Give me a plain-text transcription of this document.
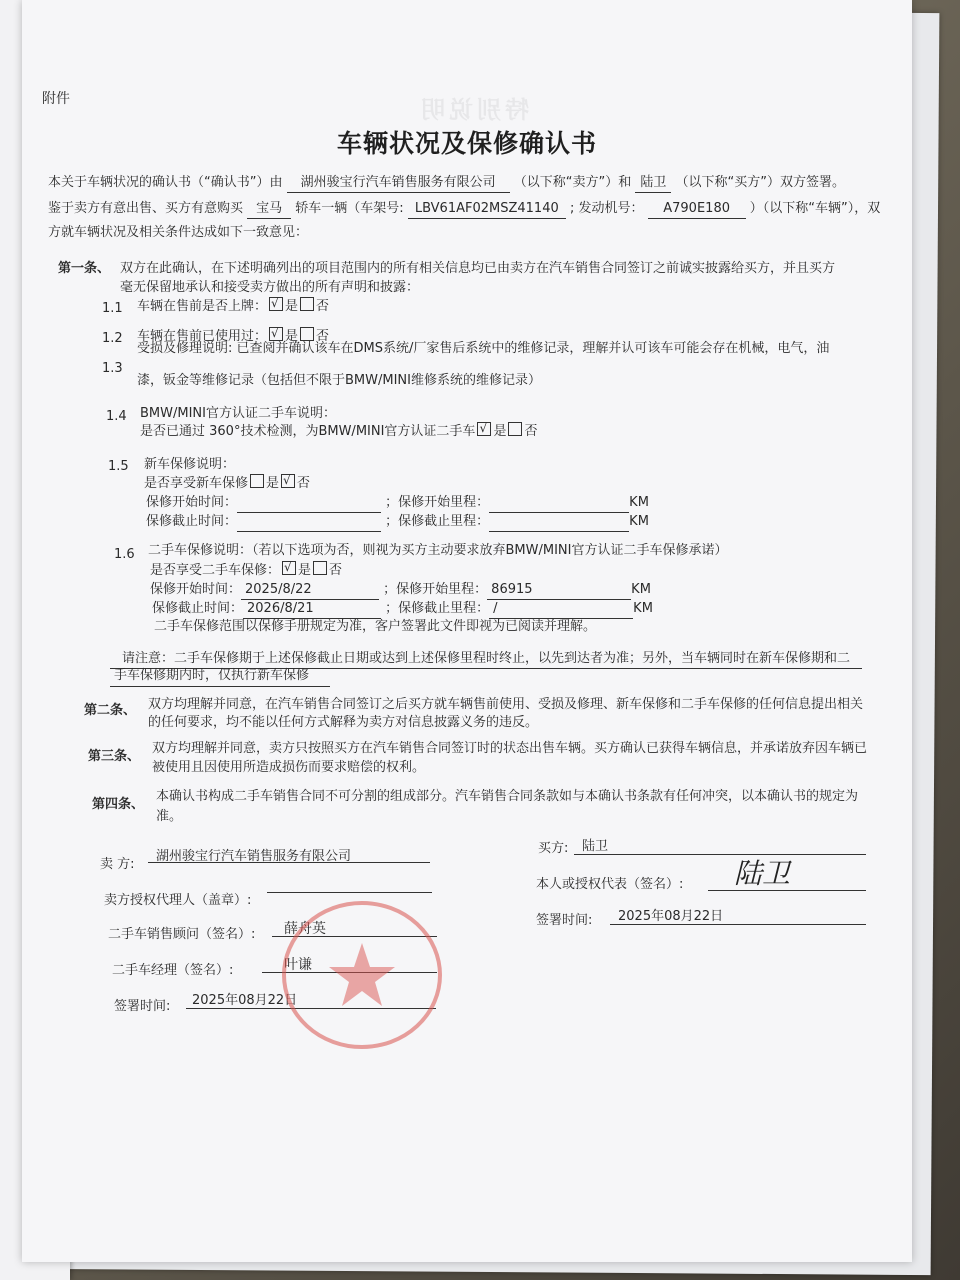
特别说明
附件
车辆状况及保修确认书
本关于车辆状况的确认书（“确认书”）由 湖州骏宝行汽车销售服务有限公司 （以下称“卖方”）和 陆卫 （以下称“买方”）双方签署。
鉴于卖方有意出售、买方有意购买 宝马 轿车一辆（车架号: LBV61AF02MSZ41140 ; 发动机号： A790E180 ）（以下称“车辆”），双
方就车辆状况及相关条件达成如下一致意见：
第一条、 双方在此确认，在下述明确列出的项目范围内的所有相关信息均已由卖方在汽车销售合同签订之前诚实披露给买方，并且买方
毫无保留地承认和接受卖方做出的所有声明和披露：
1.1 车辆在售前是否上牌： √ 是 否
1.2 车辆在售前已使用过： √ 是 否
1.3
受损及修理说明: 已查阅并确认该车在DMS系统/厂家售后系统中的维修记录，理解并认可该车可能会存在机械，电气，油
漆，钣金等维修记录（包括但不限于BMW/MINI维修系统的维修记录）
1.4 BMW/MINI官方认证二手车说明：
是否已通过 360°技术检测，为BMW/MINI官方认证二手车 √ 是 否
1.5 新车保修说明：
是否享受新车保修 是 √ 否
保修开始时间：	；保修开始里程：	KM
保修截止时间：	；保修截止里程：	KM
1.6 二手车保修说明：（若以下选项为否，则视为买方主动要求放弃BMW/MINI官方认证二手车保修承诺）
是否享受二手车保修： √ 是 否
保修开始时间： 2025/8/22	；保修开始里程： 86915	KM
保修截止时间： 2026/8/21	；保修截止里程： /	KM
二手车保修范围以保修手册规定为准，客户签署此文件即视为已阅读并理解。
请注意：二手车保修期于上述保修截止日期或达到上述保修里程时终止，以先到达者为准；另外，当车辆同时在新车保修期和二
手车保修期内时，仅执行新车保修
第二条、 双方均理解并同意，在汽车销售合同签订之后买方就车辆售前使用、受损及修理、新车保修和二手车保修的任何信息提出相关
的任何要求，均不能以任何方式解释为卖方对信息披露义务的违反。
第三条、
双方均理解并同意，卖方只按照买方在汽车销售合同签订时的状态出售车辆。买方确认已获得车辆信息，并承诺放弃因车辆已
被使用且因使用所造成损伤而要求赔偿的权利。
第四条、
本确认书构成二手车销售合同不可分割的组成部分。汽车销售合同条款如与本确认书条款有任何冲突，以本确认书的规定为
准。
卖 方:
湖州骏宝行汽车销售服务有限公司
卖方授权代理人（盖章）:
二手车销售顾问（签名）: 薛舟英
二手车经理（签名）:	叶谦
签署时间: 2025年08月22日
买方: 陆卫
本人或授权代表（签名）: 陆卫
签署时间: 2025年08月22日
